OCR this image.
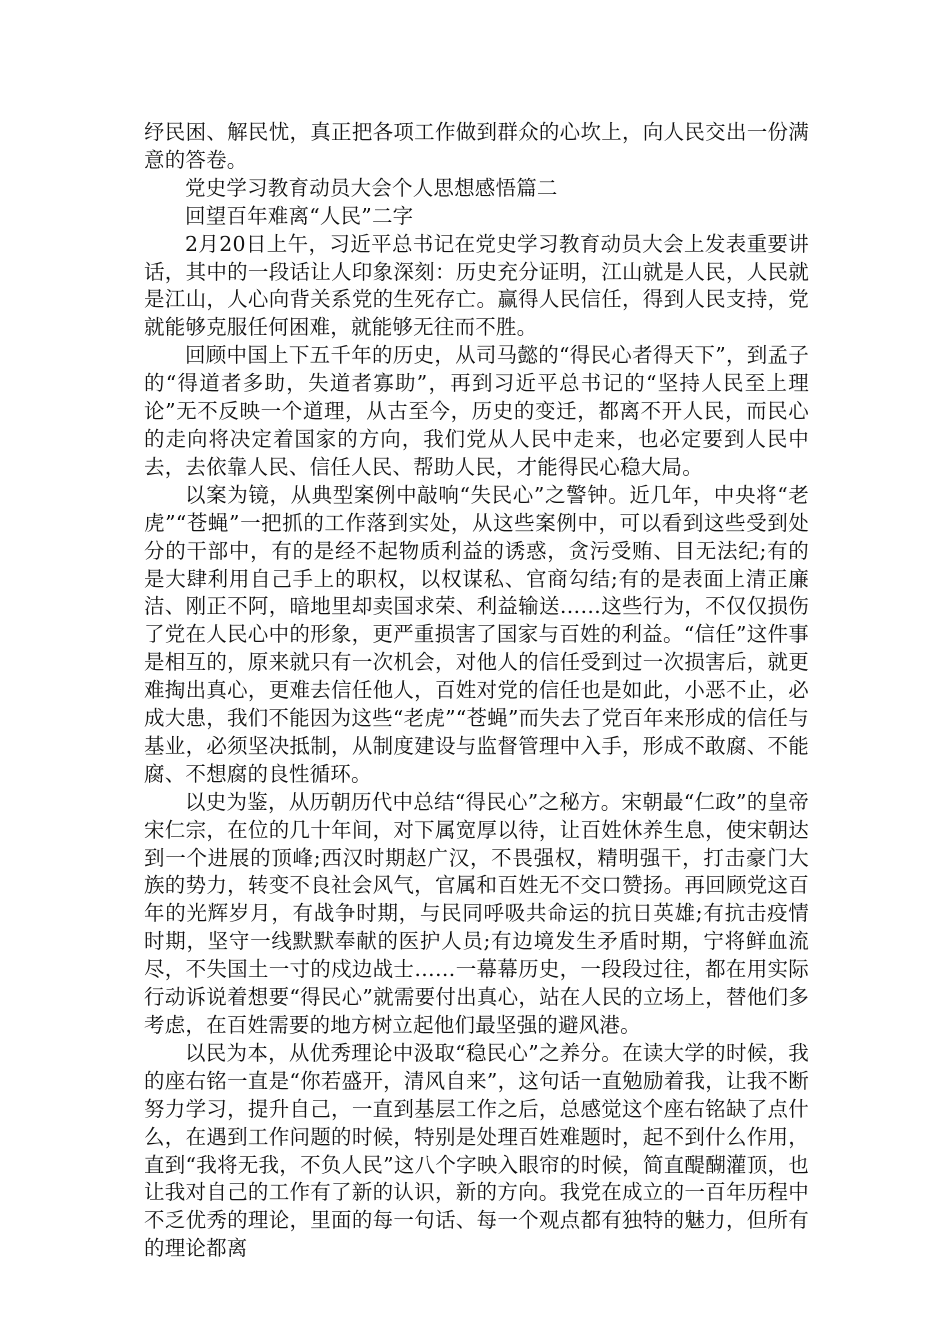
纾民困、解民忧，真正把各项工作做到群众的心坎上，向人民交出一份满意的答卷。

党史学习教育动员大会个人思想感悟篇二

回望百年难离“人民”二字

2月20日上午，习近平总书记在党史学习教育动员大会上发表重要讲话，其中的一段话让人印象深刻：历史充分证明，江山就是人民，人民就是江山，人心向背关系党的生死存亡。赢得人民信任，得到人民支持，党就能够克服任何困难，就能够无往而不胜。

回顾中国上下五千年的历史，从司马懿的“得民心者得天下”，到孟子的“得道者多助，失道者寡助”，再到习近平总书记的“坚持人民至上理论”无不反映一个道理，从古至今，历史的变迁，都离不开人民，而民心的走向将决定着国家的方向，我们党从人民中走来，也必定要到人民中去，去依靠人民、信任人民、帮助人民，才能得民心稳大局。

以案为镜，从典型案例中敲响“失民心”之警钟。近几年，中央将“老虎”“苍蝇”一把抓的工作落到实处，从这些案例中，可以看到这些受到处分的干部中，有的是经不起物质利益的诱惑，贪污受贿、目无法纪;有的是大肆利用自己手上的职权，以权谋私、官商勾结;有的是表面上清正廉洁、刚正不阿，暗地里却卖国求荣、利益输送……这些行为，不仅仅损伤了党在人民心中的形象，更严重损害了国家与百姓的利益。“信任”这件事是相互的，原来就只有一次机会，对他人的信任受到过一次损害后，就更难掏出真心，更难去信任他人，百姓对党的信任也是如此，小恶不止，必成大患，我们不能因为这些“老虎”“苍蝇”而失去了党百年来形成的信任与基业，必须坚决抵制，从制度建设与监督管理中入手，形成不敢腐、不能腐、不想腐的良性循环。

以史为鉴，从历朝历代中总结“得民心”之秘方。宋朝最“仁政”的皇帝宋仁宗，在位的几十年间，对下属宽厚以待，让百姓休养生息，使宋朝达到一个进展的顶峰;西汉时期赵广汉，不畏强权，精明强干，打击豪门大族的势力，转变不良社会风气，官属和百姓无不交口赞扬。再回顾党这百年的光辉岁月，有战争时期，与民同呼吸共命运的抗日英雄;有抗击疫情时期，坚守一线默默奉献的医护人员;有边境发生矛盾时期，宁将鲜血流尽，不失国土一寸的戍边战士……一幕幕历史，一段段过往，都在用实际行动诉说着想要“得民心”就需要付出真心，站在人民的立场上，替他们多考虑，在百姓需要的地方树立起他们最坚强的避风港。

以民为本，从优秀理论中汲取“稳民心”之养分。在读大学的时候，我的座右铭一直是“你若盛开，清风自来”，这句话一直勉励着我，让我不断努力学习，提升自己，一直到基层工作之后，总感觉这个座右铭缺了点什么，在遇到工作问题的时候，特别是处理百姓难题时，起不到什么作用，直到“我将无我，不负人民”这八个字映入眼帘的时候，简直醍醐灌顶，也让我对自己的工作有了新的认识，新的方向。我党在成立的一百年历程中不乏优秀的理论，里面的每一句话、每一个观点都有独特的魅力，但所有的理论都离
